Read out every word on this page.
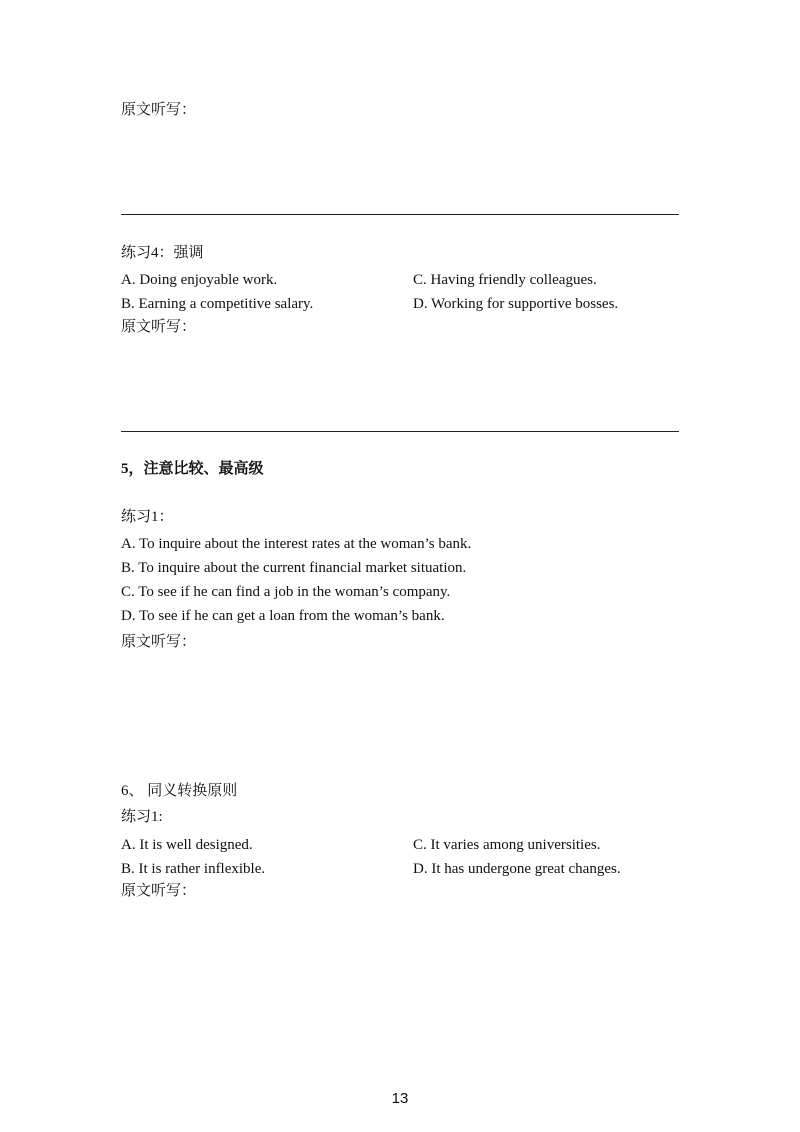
原文听写：
练习4：强调
A. Doing enjoyable work.	C. Having friendly colleagues.
B. Earning a competitive salary.	D. Working for supportive bosses.
原文听写：
5，注意比较、最高级
练习1：
A. To inquire about the interest rates at the woman’s bank.
B. To inquire about the current financial market situation.
C. To see if he can find a job in the woman’s company.
D. To see if he can get a loan from the woman’s bank.
原文听写：
6、 同义转换原则
练习1:
A. It is well designed.	C. It varies among universities.
B. It is rather inflexible.	D. It has undergone great changes.
原文听写：
13
